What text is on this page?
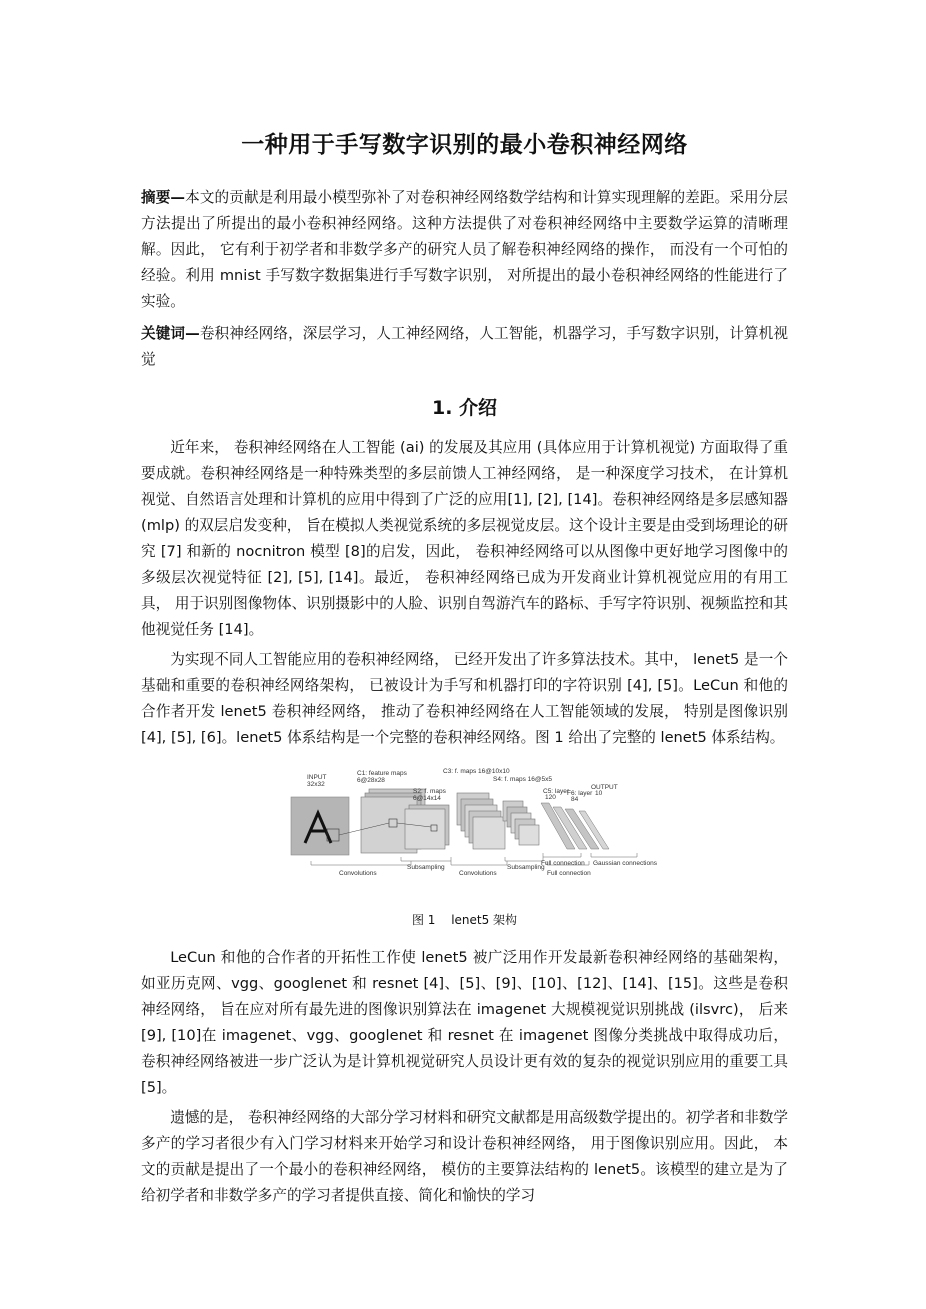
一种用于手写数字识别的最小卷积神经网络

摘要—本文的贡献是利用最小模型弥补了对卷积神经网络数学结构和计算实现理解的差距。采用分层方法提出了所提出的最小卷积神经网络。这种方法提供了对卷积神经网络中主要数学运算的清晰理解。因此， 它有利于初学者和非数学多产的研究人员了解卷积神经网络的操作， 而没有一个可怕的经验。利用 mnist 手写数字数据集进行手写数字识别， 对所提出的最小卷积神经网络的性能进行了实验。

关键词—卷积神经网络，深层学习，人工神经网络，人工智能，机器学习，手写数字识别，计算机视觉

1. 介绍

近年来， 卷积神经网络在人工智能 (ai) 的发展及其应用 (具体应用于计算机视觉) 方面取得了重要成就。卷积神经网络是一种特殊类型的多层前馈人工神经网络， 是一种深度学习技术， 在计算机视觉、自然语言处理和计算机的应用中得到了广泛的应用[1], [2], [14]。卷积神经网络是多层感知器 (mlp) 的双层启发变种， 旨在模拟人类视觉系统的多层视觉皮层。这个设计主要是由受到场理论的研究 [7] 和新的 nocnitron 模型 [8]的启发，因此， 卷积神经网络可以从图像中更好地学习图像中的多级层次视觉特征 [2], [5], [14]。最近， 卷积神经网络已成为开发商业计算机视觉应用的有用工具， 用于识别图像物体、识别摄影中的人脸、识别自驾游汽车的路标、手写字符识别、视频监控和其他视觉任务 [14]。

为实现不同人工智能应用的卷积神经网络， 已经开发出了许多算法技术。其中， lenet5 是一个基础和重要的卷积神经网络架构， 已被设计为手写和机器打印的字符识别 [4], [5]。LeCun 和他的合作者开发 lenet5 卷积神经网络， 推动了卷积神经网络在人工智能领域的发展， 特别是图像识别 [4], [5], [6]。lenet5 体系结构是一个完整的卷积神经网络。图 1 给出了完整的 lenet5 体系结构。

INPUT
32x32
C1: feature maps
6@28x28
S2: f. maps
6@14x14
C3: f. maps 16@10x10
S4: f. maps 16@5x5
C5: layer
120
F6: layer
84
OUTPUT
10
Convolutions
Subsampling
Convolutions
Subsampling
Full connection
Full connection
Gaussian connections

图 1　 lenet5 架构

LeCun 和他的合作者的开拓性工作使 lenet5 被广泛用作开发最新卷积神经网络的基础架构， 如亚历克网、vgg、googlenet 和 resnet [4]、[5]、[9]、[10]、[12]、[14]、[15]。这些是卷积神经网络， 旨在应对所有最先进的图像识别算法在 imagenet 大规模视觉识别挑战 (ilsvrc)， 后来 [9], [10]在 imagenet、vgg、googlenet 和 resnet 在 imagenet 图像分类挑战中取得成功后， 卷积神经网络被进一步广泛认为是计算机视觉研究人员设计更有效的复杂的视觉识别应用的重要工具 [5]。

遗憾的是， 卷积神经网络的大部分学习材料和研究文献都是用高级数学提出的。初学者和非数学多产的学习者很少有入门学习材料来开始学习和设计卷积神经网络， 用于图像识别应用。因此， 本文的贡献是提出了一个最小的卷积神经网络， 模仿的主要算法结构的 lenet5。该模型的建立是为了给初学者和非数学多产的学习者提供直接、简化和愉快的学习
